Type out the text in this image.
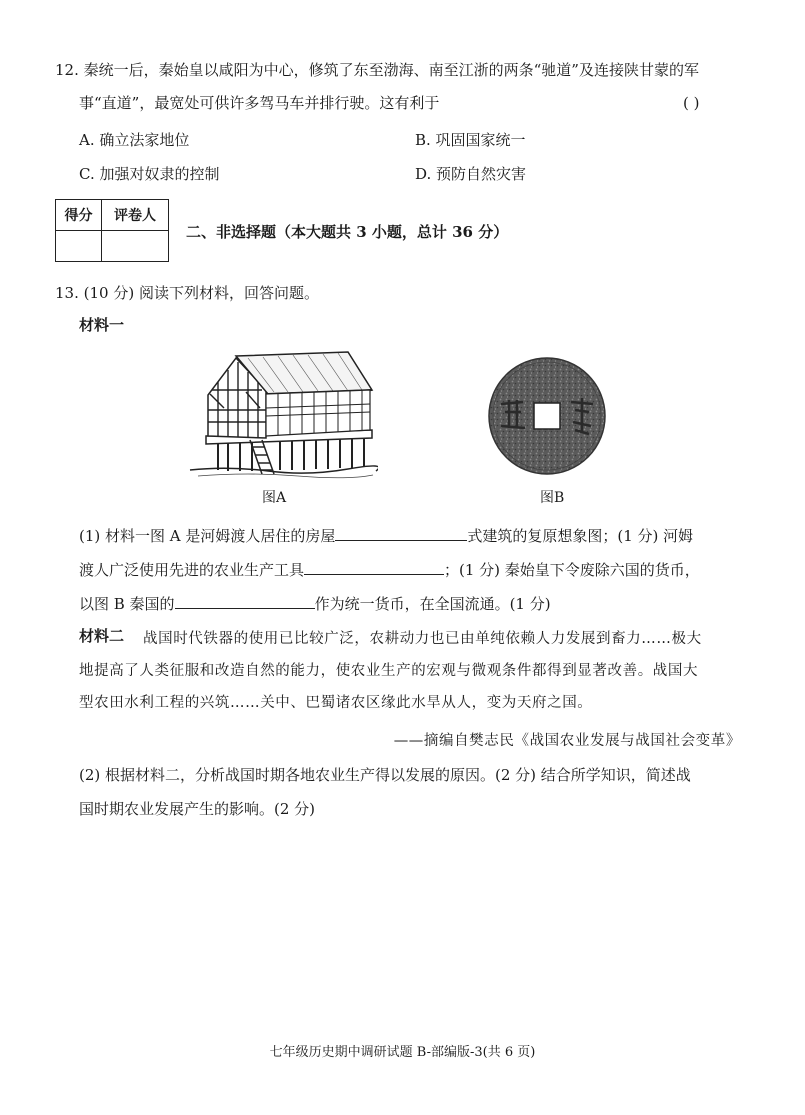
12. 秦统一后，秦始皇以咸阳为中心，修筑了东至渤海、南至江浙的两条“驰道”及连接陕甘蒙的军
事“直道”，最宽处可供许多驾马车并排行驶。这有利于	( )
A. 确立法家地位	B. 巩固国家统一
C. 加强对奴隶的控制	D. 预防自然灾害
得分	评卷人

二、非选择题（本大题共 3 小题，总计 36 分）
13. (10 分) 阅读下列材料，回答问题。
材料一
图A	图B
(1) 材料一图 A 是河姆渡人居住的房屋	式建筑的复原想象图；(1 分) 河姆
渡人广泛使用先进的农业生产工具	；(1 分) 秦始皇下令废除六国的货币，
以图 B 秦国的	作为统一货币，在全国流通。(1 分)
材料二 战国时代铁器的使用已比较广泛，农耕动力也已由单纯依赖人力发展到畜力……极大
地提高了人类征服和改造自然的能力，使农业生产的宏观与微观条件都得到显著改善。战国大
型农田水利工程的兴筑……关中、巴蜀诸农区缘此水旱从人，变为天府之国。
——摘编自樊志民《战国农业发展与战国社会变革》
(2) 根据材料二，分析战国时期各地农业生产得以发展的原因。(2 分) 结合所学知识，简述战
国时期农业发展产生的影响。(2 分)
七年级历史期中调研试题 B-部编版-3(共 6 页)
